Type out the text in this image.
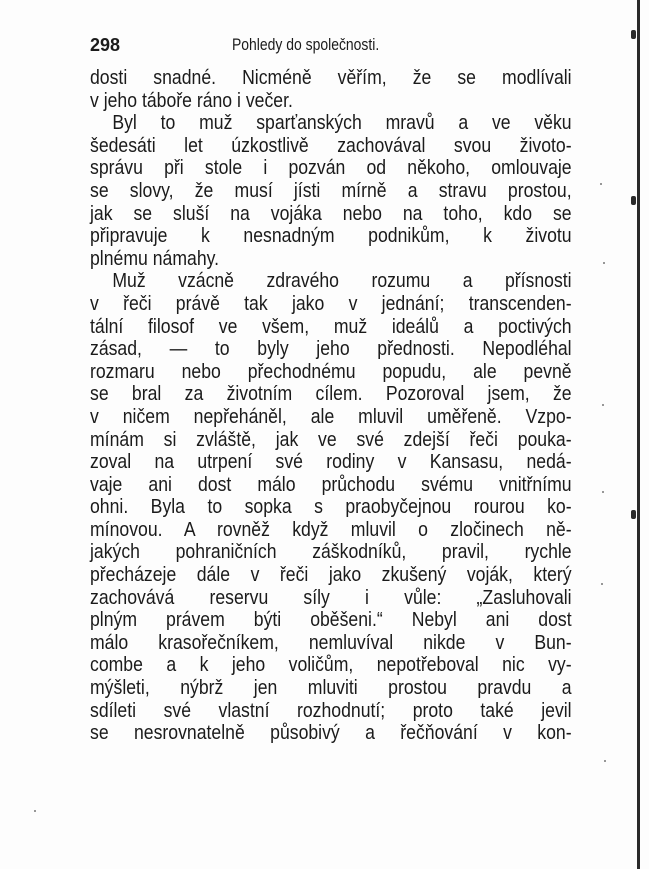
298	Pohledy do společnosti.
dosti snadné. Nicméně věřím, že se modlívali
v jeho táboře ráno i večer.
Byl to muž sparťanských mravů a ve věku
šedesáti let úzkostlivě zachovával svou životo-
správu při stole i pozván od někoho, omlouvaje
se slovy, že musí jísti mírně a stravu prostou,
jak se sluší na vojáka nebo na toho, kdo se
připravuje k nesnadným podnikům, k životu
plnému námahy.
Muž vzácně zdravého rozumu a přísnosti
v řeči právě tak jako v jednání; transcenden-
tální filosof ve všem, muž ideálů a poctivých
zásad, — to byly jeho přednosti. Nepodléhal
rozmaru nebo přechodnému popudu, ale pevně
se bral za životním cílem. Pozoroval jsem, že
v ničem nepřeháněl, ale mluvil uměřeně. Vzpo-
mínám si zvláště, jak ve své zdejší řeči pouka-
zoval na utrpení své rodiny v Kansasu, nedá-
vaje ani dost málo průchodu svému vnitřnímu
ohni. Byla to sopka s praobyčejnou rourou ko-
mínovou. A rovněž když mluvil o zločinech ně-
jakých pohraničních záškodníků, pravil, rychle
přecházeje dále v řeči jako zkušený voják, který
zachovává reservu síly i vůle: „Zasluhovali
plným právem býti oběšeni.“ Nebyl ani dost
málo krasořečníkem, nemluvíval nikde v Bun-
combe a k jeho voličům, nepotřeboval nic vy-
mýšleti, nýbrž jen mluviti prostou pravdu a
sdíleti své vlastní rozhodnutí; proto také jevil
se nesrovnatelně působivý a řečňování v kon-
